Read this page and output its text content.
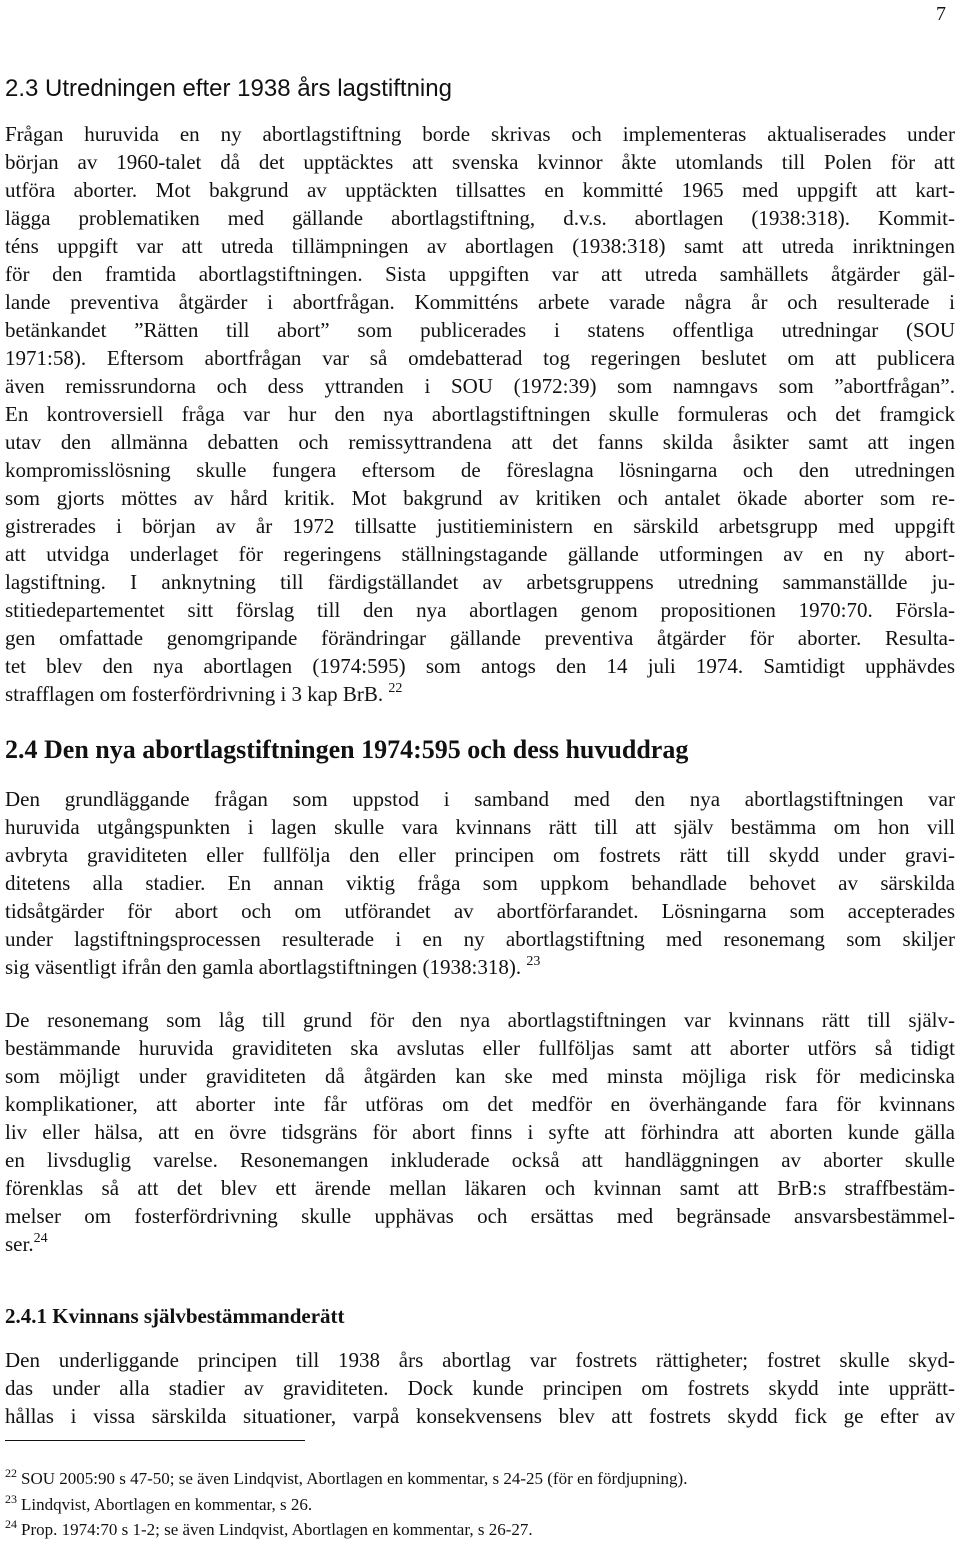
7
2.3 Utredningen efter 1938 års lagstiftning
Frågan huruvida en ny abortlagstiftning borde skrivas och implementeras aktualiserades under
början av 1960-talet då det upptäcktes att svenska kvinnor åkte utomlands till Polen för att
utföra aborter. Mot bakgrund av upptäckten tillsattes en kommitté 1965 med uppgift att kart-
lägga problematiken med gällande abortlagstiftning, d.v.s. abortlagen (1938:318). Kommit-
téns uppgift var att utreda tillämpningen av abortlagen (1938:318) samt att utreda inriktningen
för den framtida abortlagstiftningen. Sista uppgiften var att utreda samhällets åtgärder gäl-
lande preventiva åtgärder i abortfrågan. Kommitténs arbete varade några år och resulterade i
betänkandet ”Rätten till abort” som publicerades i statens offentliga utredningar (SOU
1971:58). Eftersom abortfrågan var så omdebatterad tog regeringen beslutet om att publicera
även remissrundorna och dess yttranden i SOU (1972:39) som namngavs som ”abortfrågan”.
En kontroversiell fråga var hur den nya abortlagstiftningen skulle formuleras och det framgick
utav den allmänna debatten och remissyttrandena att det fanns skilda åsikter samt att ingen
kompromisslösning skulle fungera eftersom de föreslagna lösningarna och den utredningen
som gjorts möttes av hård kritik. Mot bakgrund av kritiken och antalet ökade aborter som re-
gistrerades i början av år 1972 tillsatte justitieministern en särskild arbetsgrupp med uppgift
att utvidga underlaget för regeringens ställningstagande gällande utformingen av en ny abort-
lagstiftning. I anknytning till färdigställandet av arbetsgruppens utredning sammanställde ju-
stitiedepartementet sitt förslag till den nya abortlagen genom propositionen 1970:70. Försla-
gen omfattade genomgripande förändringar gällande preventiva åtgärder för aborter. Resulta-
tet blev den nya abortlagen (1974:595) som antogs den 14 juli 1974. Samtidigt upphävdes
strafflagen om fosterfördrivning i 3 kap BrB. $^{22}$
2.4 Den nya abortlagstiftningen 1974:595 och dess huvuddrag
Den grundläggande frågan som uppstod i samband med den nya abortlagstiftningen var
huruvida utgångspunkten i lagen skulle vara kvinnans rätt till att själv bestämma om hon vill
avbryta graviditeten eller fullfölja den eller principen om fostrets rätt till skydd under gravi-
ditetens alla stadier. En annan viktig fråga som uppkom behandlade behovet av särskilda
tidsåtgärder för abort och om utförandet av abortförfarandet. Lösningarna som accepterades
under lagstiftningsprocessen resulterade i en ny abortlagstiftning med resonemang som skiljer
sig väsentligt ifrån den gamla abortlagstiftningen (1938:318). $^{23}$
De resonemang som låg till grund för den nya abortlagstiftningen var kvinnans rätt till själv-
bestämmande huruvida graviditeten ska avslutas eller fullföljas samt att aborter utförs så tidigt
som möjligt under graviditeten då åtgärden kan ske med minsta möjliga risk för medicinska
komplikationer, att aborter inte får utföras om det medför en överhängande fara för kvinnans
liv eller hälsa, att en övre tidsgräns för abort finns i syfte att förhindra att aborten kunde gälla
en livsduglig varelse. Resonemangen inkluderade också att handläggningen av aborter skulle
förenklas så att det blev ett ärende mellan läkaren och kvinnan samt att BrB:s straffbestäm-
melser om fosterfördrivning skulle upphävas och ersättas med begränsade ansvarsbestämmel-
ser.$^{24}$
2.4.1 Kvinnans självbestämmanderätt
Den underliggande principen till 1938 års abortlag var fostrets rättigheter; fostret skulle skyd-
das under alla stadier av graviditeten. Dock kunde principen om fostrets skydd inte upprätt-
hållas i vissa särskilda situationer, varpå konsekvensens blev att fostrets skydd fick ge efter av
$^{22}$ SOU 2005:90 s 47-50; se även Lindqvist, Abortlagen en kommentar, s 24-25 (för en fördjupning).
$^{23}$ Lindqvist, Abortlagen en kommentar, s 26.
$^{24}$ Prop. 1974:70 s 1-2; se även Lindqvist, Abortlagen en kommentar, s 26-27.
